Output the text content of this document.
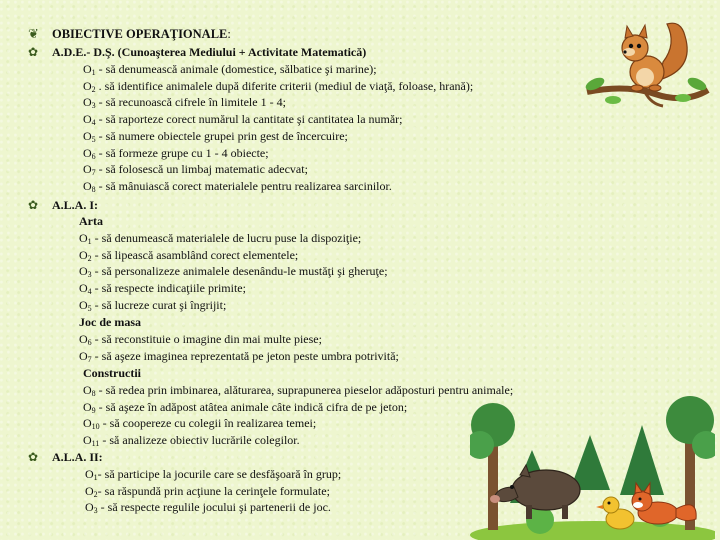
❦
✿
✿
✿
OBIECTIVE OPERAŢIONALE:
A.D.E.- D.Ş. (Cunoaşterea Mediului + Activitate Matematică)
$O_1$ - să denumească animale (domestice, sălbatice şi marine);
$O_2$ . să identifice animalele după diferite criterii (mediul de viaţă, foloase, hrană);
$O_3$ - să recunoască cifrele în limitele 1 - 4;
$O_4$ - să raporteze corect numărul la cantitate şi cantitatea la număr;
$O_5$ - să numere obiectele grupei prin gest de încercuire;
$O_6$ - să formeze grupe cu 1 - 4 obiecte;
$O_7$ - să folosescă un limbaj matematic adecvat;
$O_8$ - să mânuiască corect materialele pentru realizarea sarcinilor.
A.L.A. I:
Arta
$O_1$ - să denumească materialele de lucru puse la dispoziţie;
$O_2$ - să lipească asamblând corect elementele;
$O_3$ - să personalizeze animalele desenându-le mustăţi şi gheruţe;
$O_4$ - să respecte indicaţiile primite;
$O_5$ - să lucreze curat şi îngrijit;
Joc de masa
$O_6$ - să reconstituie o imagine din mai multe piese;
$O_7$ - să aşeze imaginea reprezentată pe jeton peste umbra potrivită;
Constructii
$O_8$ - să redea prin imbinarea, alăturarea, suprapunerea pieselor adăposturi pentru animale;
$O_9$ - să aşeze în adăpost atâtea animale câte indică cifra de pe jeton;
$O_{10}$ - să coopereze cu colegii în realizarea temei;
$O_{11}$ - să analizeze obiectiv lucrările colegilor.
A.L.A. II:
$O_1-$ să participe la jocurile care se desfăşoară în grup;
$O_2-$ sa răspundă prin acţiune la cerinţele formulate;
$O_3$ - să respecte regulile jocului şi partenerii de joc.
